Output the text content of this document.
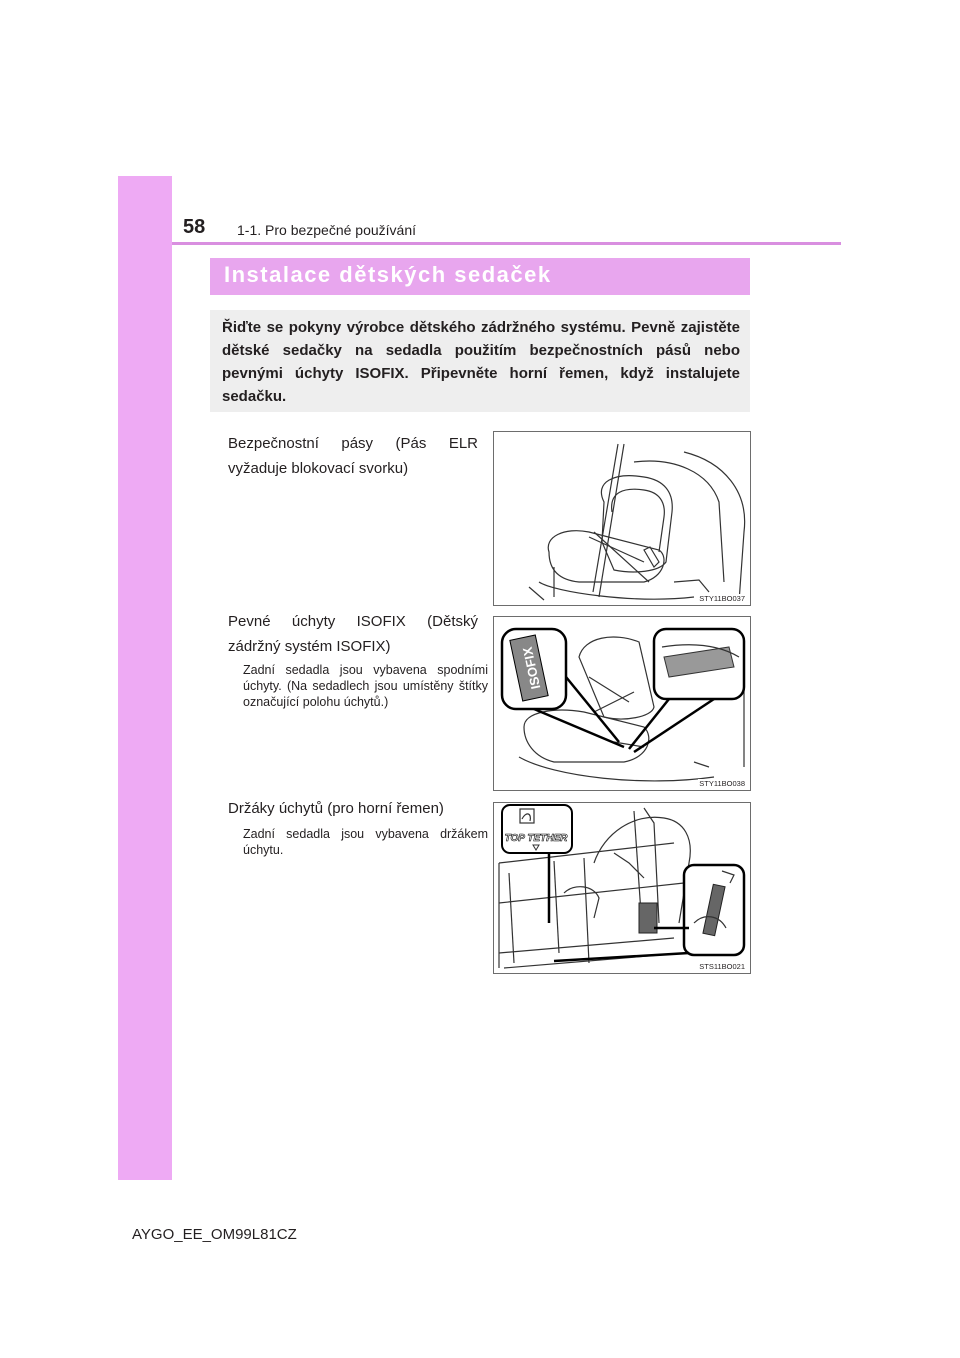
58 1-1. Pro bezpečné používání
Instalace dětských sedaček
Řiďte se pokyny výrobce dětského zádržného systému. Pevně zajistěte dětské sedačky na sedadla použitím bezpečnostních pásů nebo pevnými úchyty ISOFIX. Připevněte horní řemen, když instalujete sedačku.
Bezpečnostní pásy (Pás ELR vyžaduje blokovací svorku)
STY11BO037
Pevné úchyty ISOFIX (Dětský zádržný systém ISOFIX)
Zadní sedadla jsou vybavena spodními úchyty. (Na sedadlech jsou umístěny štítky označující polohu úchytů.)
ISOFIX
STY11BO038
Držáky úchytů (pro horní řemen)
Zadní sedadla jsou vybavena držákem úchytu.
TOP TETHER
STS11BO021
AYGO_EE_OM99L81CZ
